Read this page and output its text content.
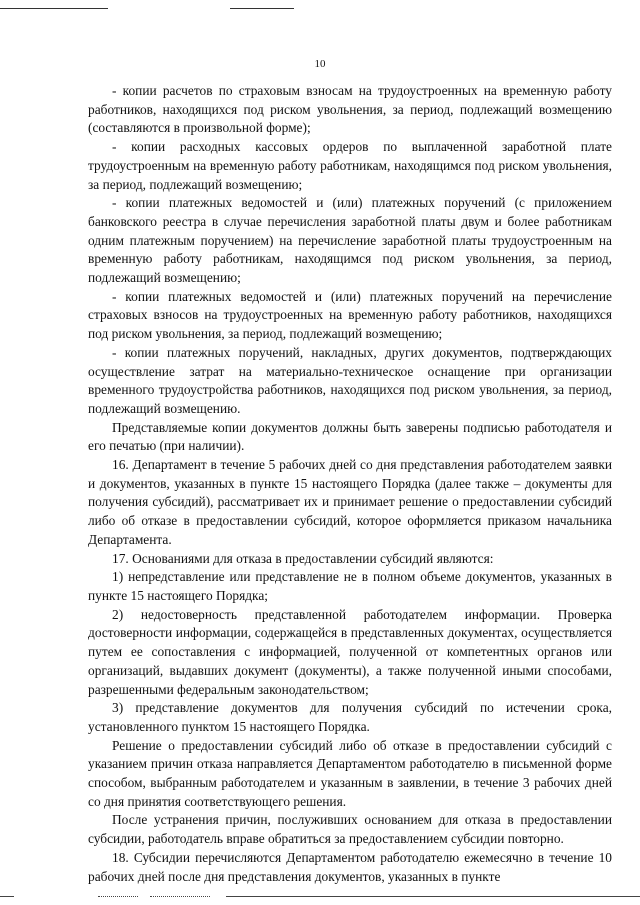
10

- копии расчетов по страховым взносам на трудоустроенных на временную работу работников, находящихся под риском увольнения, за период, подлежащий возмещению (составляются в произвольной форме);

- копии расходных кассовых ордеров по выплаченной заработной плате трудоустроенным на временную работу работникам, находящимся под риском увольнения, за период, подлежащий возмещению;

- копии платежных ведомостей и (или) платежных поручений (с приложением банковского реестра в случае перечисления заработной платы двум и более работникам одним платежным поручением) на перечисление заработной платы трудоустроенным на временную работу работникам, находящимся под риском увольнения, за период, подлежащий возмещению;

- копии платежных ведомостей и (или) платежных поручений на перечисление страховых взносов на трудоустроенных на временную работу работников, находящихся под риском увольнения, за период, подлежащий возмещению;

- копии платежных поручений, накладных, других документов, подтверждающих осуществление затрат на материально-техническое оснащение при организации временного трудоустройства работников, находящихся под риском увольнения, за период, подлежащий возмещению.

Представляемые копии документов должны быть заверены подписью работодателя и его печатью (при наличии).

16. Департамент в течение 5 рабочих дней со дня представления работодателем заявки и документов, указанных в пункте 15 настоящего Порядка (далее также – документы для получения субсидий), рассматривает их и принимает решение о предоставлении субсидий либо об отказе в предоставлении субсидий, которое оформляется приказом начальника Департамента.

17. Основаниями для отказа в предоставлении субсидий являются:

1) непредставление или представление не в полном объеме документов, указанных в пункте 15 настоящего Порядка;

2) недостоверность представленной работодателем информации. Проверка достоверности информации, содержащейся в представленных документах, осуществляется путем ее сопоставления с информацией, полученной от компетентных органов или организаций, выдавших документ (документы), а также полученной иными способами, разрешенными федеральным законодательством;

3) представление документов для получения субсидий по истечении срока, установленного пунктом 15 настоящего Порядка.

Решение о предоставлении субсидий либо об отказе в предоставлении субсидий с указанием причин отказа направляется Департаментом работодателю в письменной форме способом, выбранным работодателем и указанным в заявлении, в течение 3 рабочих дней со дня принятия соответствующего решения.

После устранения причин, послуживших основанием для отказа в предоставлении субсидии, работодатель вправе обратиться за предоставлением субсидии повторно.

18. Субсидии перечисляются Департаментом работодателю ежемесячно в течение 10 рабочих дней после дня представления документов, указанных в пункте
